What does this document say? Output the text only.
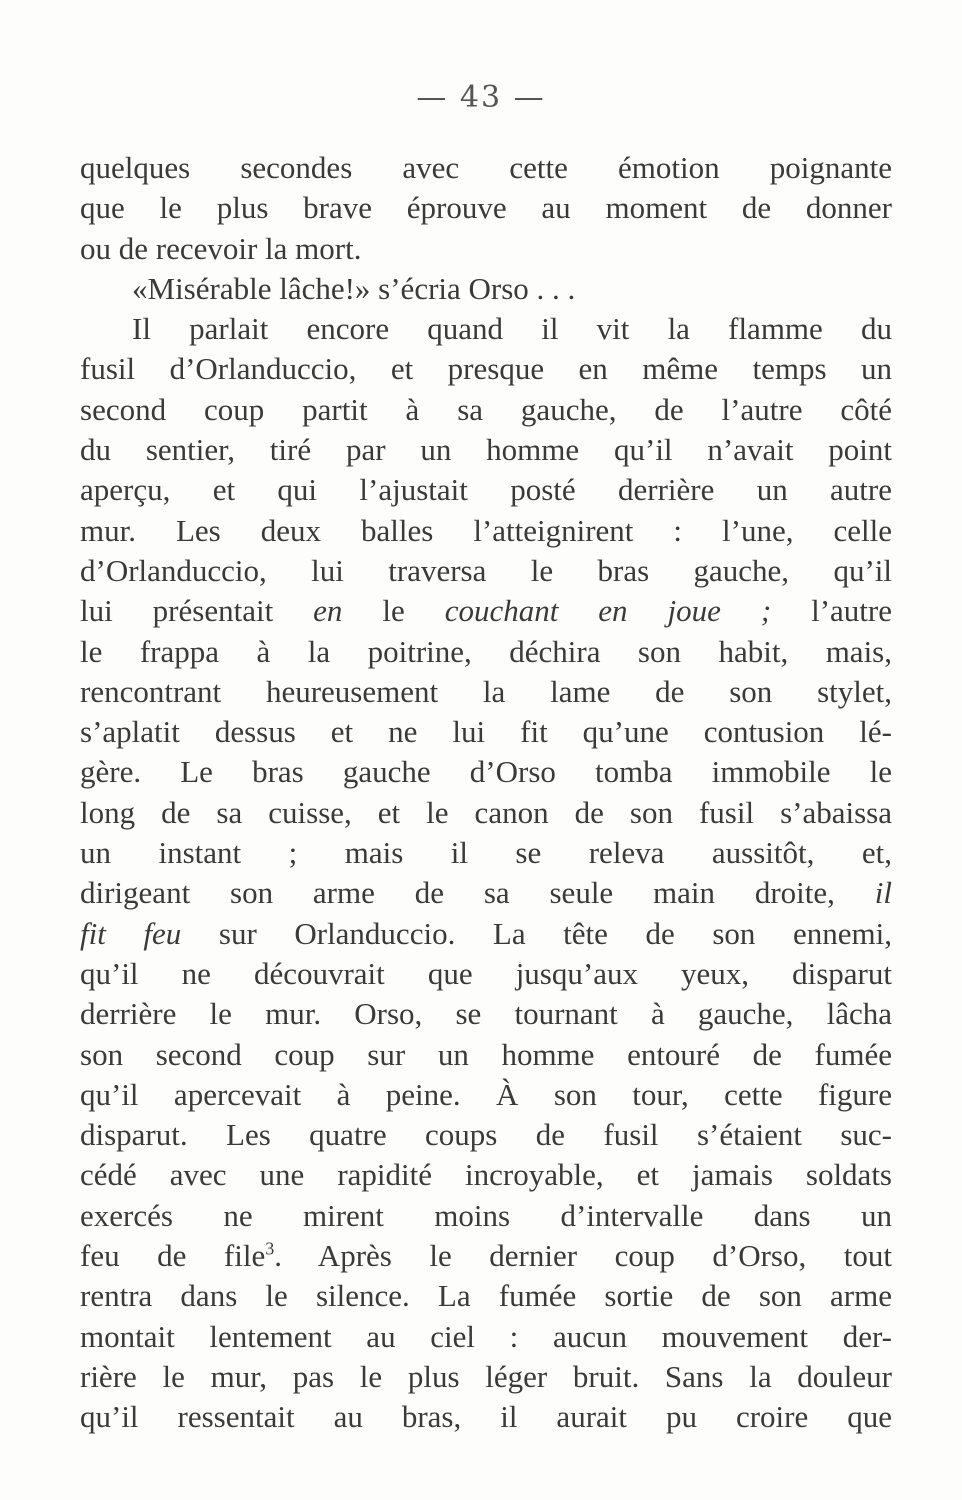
— 43 —
quelques secondes avec cette émotion poignante
que le plus brave éprouve au moment de donner
ou de recevoir la mort.
«Misérable lâche!» s’écria Orso . . .
Il parlait encore quand il vit la flamme du
fusil d’Orlanduccio, et presque en même temps un
second coup partit à sa gauche, de l’autre côté
du sentier, tiré par un homme qu’il n’avait point
aperçu, et qui l’ajustait posté derrière un autre
mur. Les deux balles l’atteignirent : l’une, celle
d’Orlanduccio, lui traversa le bras gauche, qu’il
lui présentait en le couchant en joue ; l’autre
le frappa à la poitrine, déchira son habit, mais,
rencontrant heureusement la lame de son stylet,
s’aplatit dessus et ne lui fit qu’une contusion lé-
gère. Le bras gauche d’Orso tomba immobile le
long de sa cuisse, et le canon de son fusil s’abaissa
un instant ; mais il se releva aussitôt, et,
dirigeant son arme de sa seule main droite, il
fit feu sur Orlanduccio. La tête de son ennemi,
qu’il ne découvrait que jusqu’aux yeux, disparut
derrière le mur. Orso, se tournant à gauche, lâcha
son second coup sur un homme entouré de fumée
qu’il apercevait à peine. À son tour, cette figure
disparut. Les quatre coups de fusil s’étaient suc-
cédé avec une rapidité incroyable, et jamais soldats
exercés ne mirent moins d’intervalle dans un
feu de file$^3$. Après le dernier coup d’Orso, tout
rentra dans le silence. La fumée sortie de son arme
montait lentement au ciel : aucun mouvement der-
rière le mur, pas le plus léger bruit. Sans la douleur
qu’il ressentait au bras, il aurait pu croire que
